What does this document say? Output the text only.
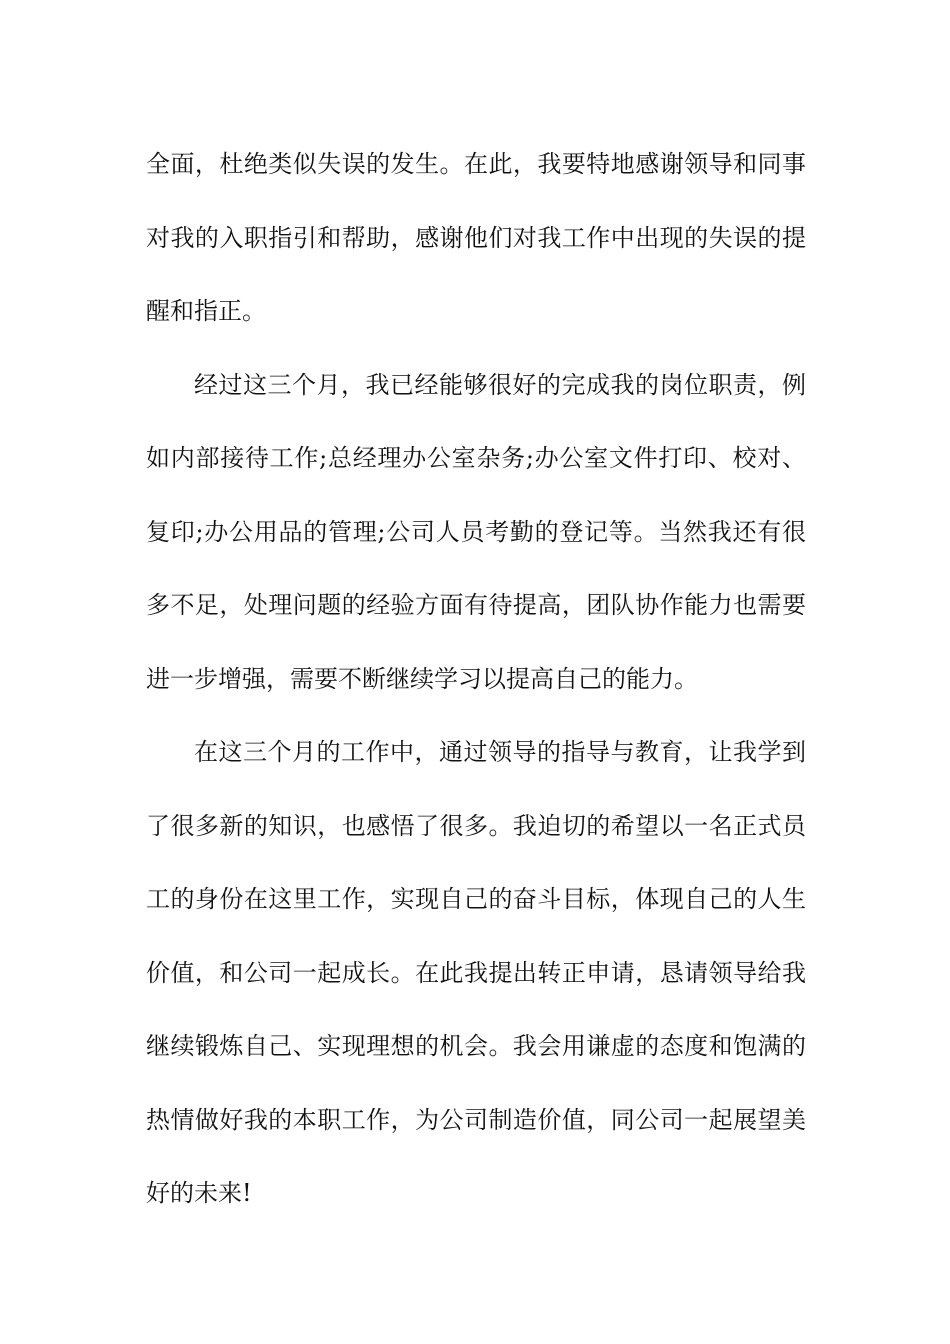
全面，杜绝类似失误的发生。在此，我要特地感谢领导和同事对我的入职指引和帮助，感谢他们对我工作中出现的失误的提醒和指正。

经过这三个月，我已经能够很好的完成我的岗位职责，例如内部接待工作;总经理办公室杂务;办公室文件打印、校对、复印;办公用品的管理;公司人员考勤的登记等。当然我还有很多不足，处理问题的经验方面有待提高，团队协作能力也需要进一步增强，需要不断继续学习以提高自己的能力。

在这三个月的工作中，通过领导的指导与教育，让我学到了很多新的知识，也感悟了很多。我迫切的希望以一名正式员工的身份在这里工作，实现自己的奋斗目标，体现自己的人生价值，和公司一起成长。在此我提出转正申请，恳请领导给我继续锻炼自己、实现理想的机会。我会用谦虚的态度和饱满的热情做好我的本职工作，为公司制造价值，同公司一起展望美好的未来!
